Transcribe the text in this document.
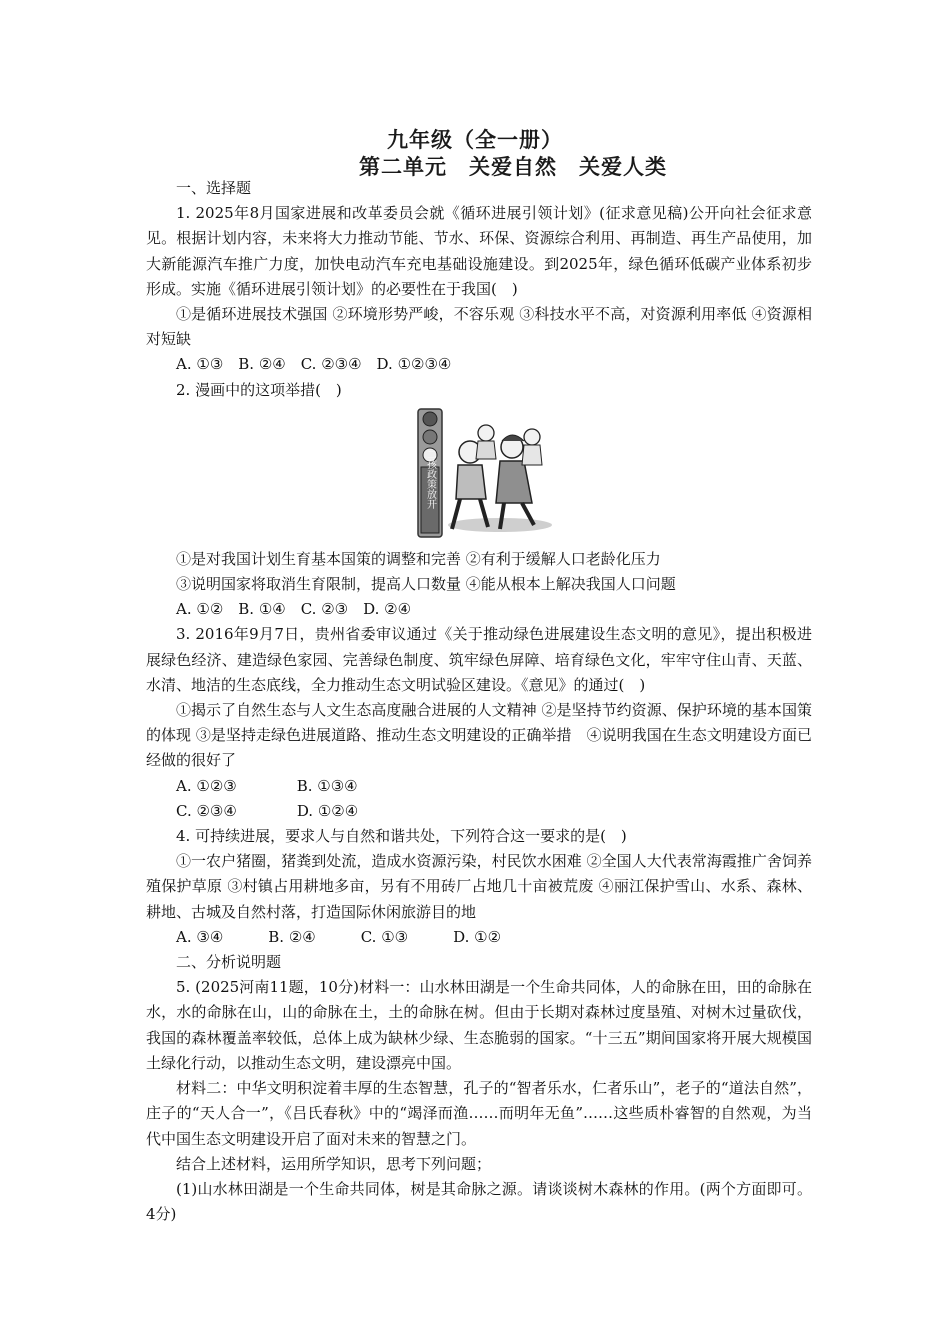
九年级（全一册）
第二单元　关爱自然　关爱人类

一、选择题

1. 2025年8月国家进展和改革委员会就《循环进展引领计划》(征求意见稿)公开向社会征求意见。根据计划内容，未来将大力推动节能、节水、环保、资源综合利用、再制造、再生产品使用，加大新能源汽车推广力度，加快电动汽车充电基础设施建设。到2025年，绿色循环低碳产业体系初步形成。实施《循环进展引领计划》的必要性在于我国(　)

①是循环进展技术强国 ②环境形势严峻，不容乐观 ③科技水平不高，对资源利用率低 ④资源相对短缺

A. ①③　B. ②④　C. ②③④　D. ①②③④

2. 漫画中的这项举措(　)

二孩政策放开

①是对我国计划生育基本国策的调整和完善 ②有利于缓解人口老龄化压力

③说明国家将取消生育限制，提高人口数量 ④能从根本上解决我国人口问题

A. ①②　B. ①④　C. ②③　D. ②④

3. 2016年9月7日，贵州省委审议通过《关于推动绿色进展建设生态文明的意见》，提出积极进展绿色经济、建造绿色家园、完善绿色制度、筑牢绿色屏障、培育绿色文化，牢牢守住山青、天蓝、水清、地洁的生态底线，全力推动生态文明试验区建设。《意见》的通过(　)

①揭示了自然生态与人文生态高度融合进展的人文精神 ②是坚持节约资源、保护环境的基本国策的体现 ③是坚持走绿色进展道路、推动生态文明建设的正确举措　④说明我国在生态文明建设方面已经做的很好了

A. ①②③　　　　B. ①③④

C. ②③④　　　　D. ①②④

4. 可持续进展，要求人与自然和谐共处，下列符合这一要求的是(　)

①一农户猪圈，猪粪到处流，造成水资源污染，村民饮水困难 ②全国人大代表常海霞推广舍饲养殖保护草原 ③村镇占用耕地多亩，另有不用砖厂占地几十亩被荒废 ④丽江保护雪山、水系、森林、耕地、古城及自然村落，打造国际休闲旅游目的地

A. ③④　　　B. ②④　　　C. ①③　　　D. ①②

二、分析说明题

5. (2025河南11题，10分)材料一：山水林田湖是一个生命共同体，人的命脉在田，田的命脉在水，水的命脉在山，山的命脉在土，土的命脉在树。但由于长期对森林过度垦殖、对树木过量砍伐，我国的森林覆盖率较低，总体上成为缺林少绿、生态脆弱的国家。“十三五”期间国家将开展大规模国土绿化行动，以推动生态文明，建设漂亮中国。

材料二：中华文明积淀着丰厚的生态智慧，孔子的“智者乐水，仁者乐山”，老子的“道法自然”，庄子的“天人合一”，《吕氏春秋》中的“竭泽而渔……而明年无鱼”……这些质朴睿智的自然观，为当代中国生态文明建设开启了面对未来的智慧之门。

结合上述材料，运用所学知识，思考下列问题；

(1)山水林田湖是一个生命共同体，树是其命脉之源。请谈谈树木森林的作用。(两个方面即可。4分)
